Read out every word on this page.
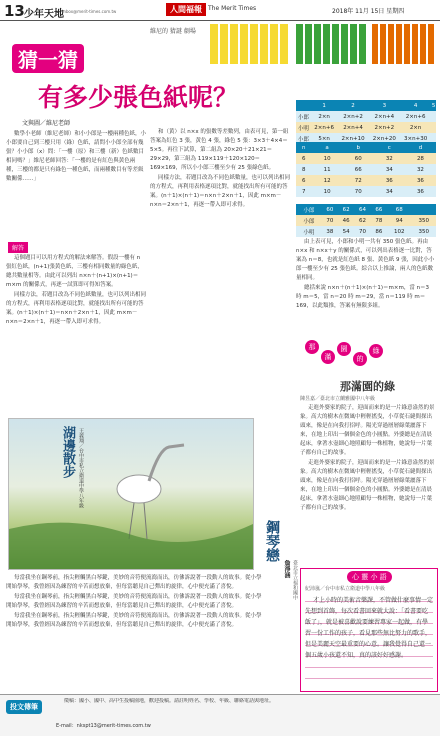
13 少年天地
mbox@merit-times.com.tw	人間福報	The Merit Times	2018年 11月 15日 星期四
維尼的 猜謎 劇場
猜一猜
有多少張色紙呢？
文與圖／維尼老師

數學小老師（維尼老師）和小小郎是一樓兩種色紙，小小郎要自己到三樓只用（綠）色紙，請問小小郎全部有幾張？小小郎（x）問：「一樓（原）和三樓（新）色紙數目相同嗎？」維尼老師回答：「一樓的是有紅色與黃色兩種，三樓的都是只有綠色一種色紙，而兩種數目有等差級數關係……」

解答

這個題目可以用方程式的解法來解答。假設一樓有 n 張紅色紙，(n+1)張黃色紙，三樓有相同數量的綠色紙，總共數量相等。由此可以列出 n×n＋(n+1)×(n+1)＝m×m 的關係式，再逐一試算即可得知答案。

同樣方法，若題目改為不同色紙數量，也可以列出相同的方程式，再利用表格逐項比對，就能找出所有可能的答案。(n＋1)×(n＋1)＝n×n＋2×n＋1，因此 m×m－n×n＝2×n＋1，再逐一帶入即可求得。

和（黃）以 n×x 的張數等差數列，由表可見，第一組答案為紅色 3 張，黃色 4 張，綠色 5 張：3×3＋4×4＝5×5。再往下試算，第二組為 20×20＋21×21＝29×29，第三組為 119×119＋120×120＝169×169，所以小小郎三樓至少有 25 張綠色紙。

同樣方法，若題目改為不同色紙數量，也可以列出相同的方程式，再利用表格逐項比對，就能找出所有可能的答案。(n＋1)×(n＋1)＝n×n＋2×n＋1，因此 m×m－n×n＝2×n＋1，再逐一帶入即可求得。

	1	2	3	4	5
小郎	2×n	2×n+2	2×n+4	2×n+6	
小明	2×n+6	2×n+4	2×n+2	2×n	
小郎	5×n	2×n+10	2×n+20	3×n+30	
n	a	b	c	d
6	10	60	32	28
8	11	66	34	32
6	12	72	36	36
7	10	70	34	36
小郎	60	62	64	66	68	
小郎	70	46	62	78	94	350
小明	38	54	70	86	102	350

由上表可見，小郎和小明一共有 350 張色紙。再由 n×x 和 n×x＋y 的關係式，可以列出表格逐一比對，答案為 n＝8，也就是紅色紙 8 張、黃色紙 9 張，因此小小郎一樓至少有 25 張色紙。綜合以上推論，兩人的色紙數量相同。

總括來說 n×n＋(n＋1)×(n＋1)＝m×m，當 n＝3 時 m＝5，當 n＝20 時 m＝29，當 n＝119 時 m＝169，以此類推，答案有無限多組。

湖邊散步 王義翔／台中市私立衛道中學八年級
那
滿
園
的
綠
那滿園的綠
陳昱嘉／臺北市立蘭雅國中八年級

走進外婆家的院子，迎面而來的是一片綠意盎然的景象。高大的樹木在微風中輕輕搖曳，小草從石縫間探出頭來，像是在向我打招呼。陽光穿過層層綠葉灑落下來，在地上印出一個個金色的小圓點。外婆總是在清晨起床，拿著水壺細心地照顧每一株植物，她說每一片葉子都有自己的故事。

走進外婆家的院子，迎面而來的是一片綠意盎然的景象。高大的樹木在微風中輕輕搖曳，小草從石縫間探出頭來，像是在向我打招呼。陽光穿過層層綠葉灑落下來，在地上印出一個個金色的小圓點。外婆總是在清晨起床，拿著水壺細心地照顧每一株植物，她說每一片葉子都有自己的故事。

每當我坐在鋼琴前，指尖輕觸黑白琴鍵，美妙的音符便流瀉而出，彷彿訴說著一段動人的故事。從小學開始學琴，我曾經因為練習的辛苦而想放棄，但每當聽見自己彈出的旋律，心中便充滿了喜悅。

每當我坐在鋼琴前，指尖輕觸黑白琴鍵，美妙的音符便流瀉而出，彷彿訴說著一段動人的故事。從小學開始學琴，我曾經因為練習的辛苦而想放棄，但每當聽見自己彈出的旋律，心中便充滿了喜悅。

每當我坐在鋼琴前，指尖輕觸黑白琴鍵，美妙的音符便流瀉而出，彷彿訴說著一段動人的故事。從小學開始學琴，我曾經因為練習的辛苦而想放棄，但每當聽見自己彈出的旋律，心中便充滿了喜悅。

鋼琴戀
詹淨涵 臺北市立福和國中	心 靈 小 語
紀沛嵐／台中市私立衛道中學八年級

才上小時的美術音樂課，不管做什麼事情一定先想到首飾，每次看書回來就大說：「看書要吃飯了」，就是被喜歡說要練習專家一起做，有學習一份工作的孩子，看見那些無比努力的歌手，但是美麗天空最重要的心意。讓我覺得自己還一個五歲小孩還不知，真的該好好感謝。

投文傳筆

徵稿：國小、國中、高中生投稿園地，歡迎投稿。請註明姓名、學校、年級、聯絡電話與地址。

E-mail：nkspt13@merit-times.com.tw
